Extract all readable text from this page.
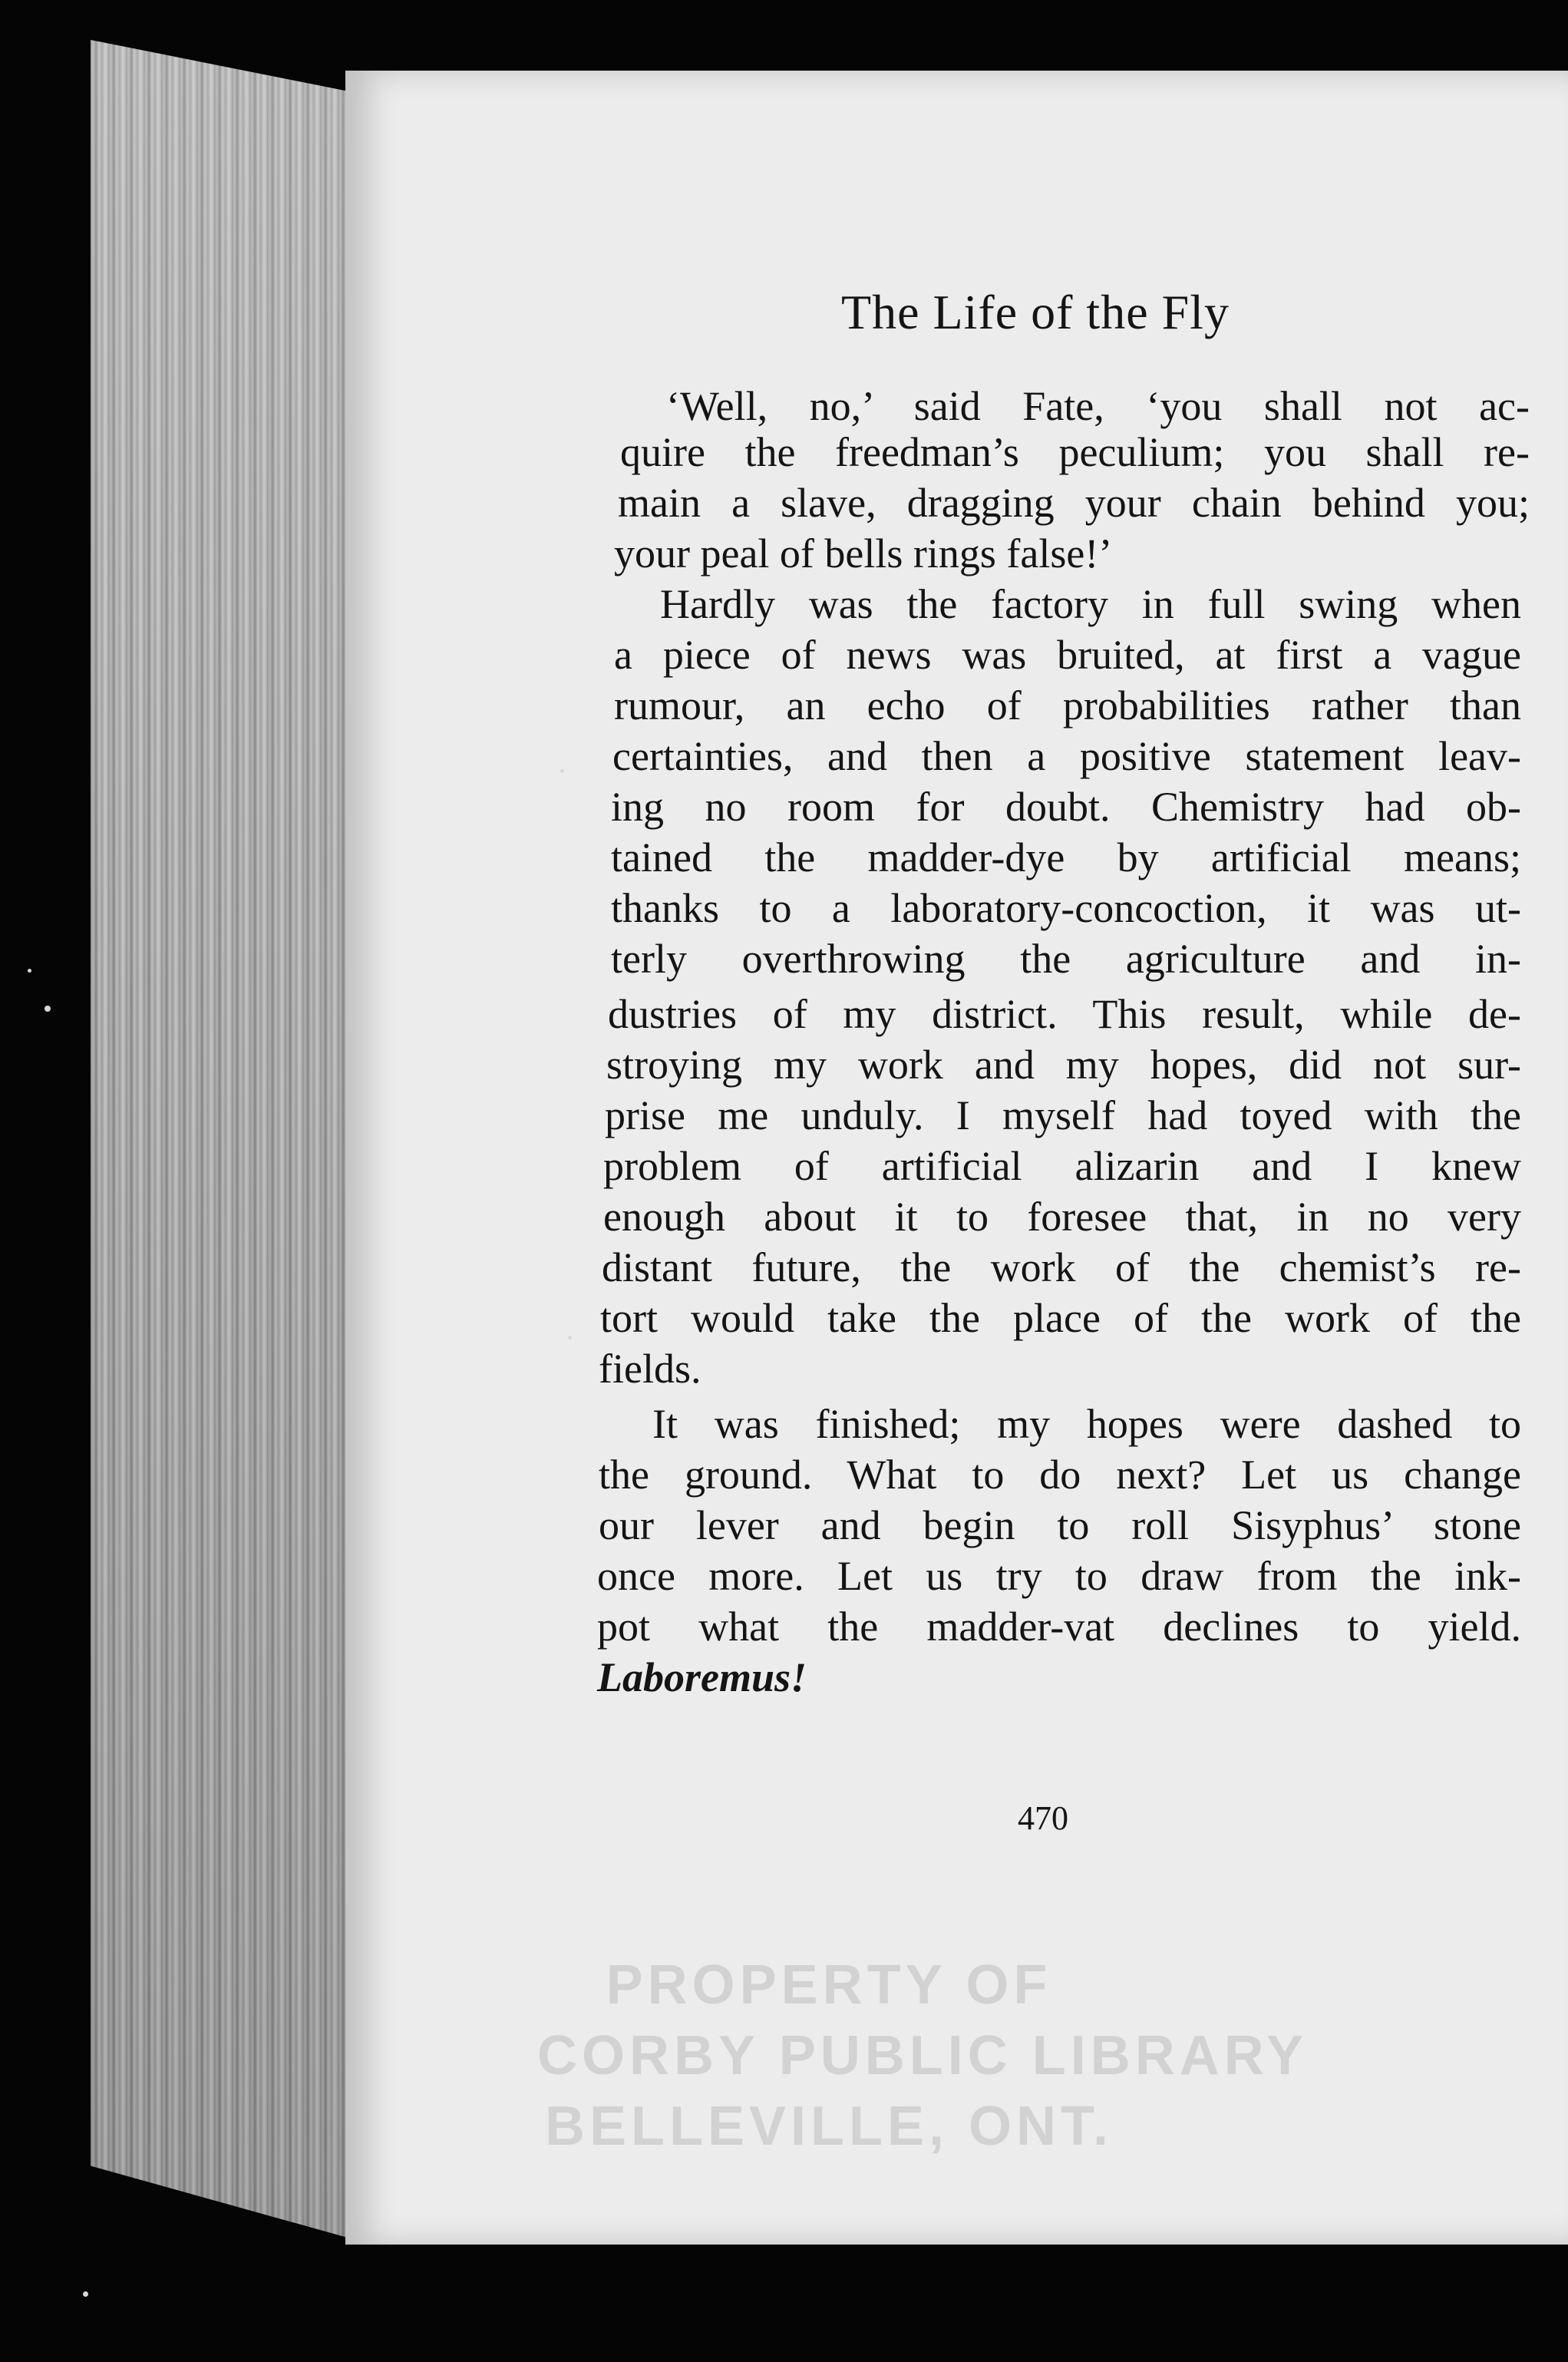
The Life of the Fly
‘Well, no,’ said Fate, ‘you shall not ac-
quire the freedman’s peculium; you shall re-
main a slave, dragging your chain behind you;
your peal of bells rings false!’
Hardly was the factory in full swing when
a piece of news was bruited, at first a vague
rumour, an echo of probabilities rather than
certainties, and then a positive statement leav-
ing no room for doubt. Chemistry had ob-
tained the madder-dye by artificial means;
thanks to a laboratory-concoction, it was ut-
terly overthrowing the agriculture and in-
dustries of my district. This result, while de-
stroying my work and my hopes, did not sur-
prise me unduly. I myself had toyed with the
problem of artificial alizarin and I knew
enough about it to foresee that, in no very
distant future, the work of the chemist’s re-
tort would take the place of the work of the
fields.
It was finished; my hopes were dashed to
the ground. What to do next? Let us change
our lever and begin to roll Sisyphus’ stone
once more. Let us try to draw from the ink-
pot what the madder-vat declines to yield.
Laboremus!
470
PROPERTY OF
CORBY PUBLIC LIBRARY
BELLEVILLE, ONT.
